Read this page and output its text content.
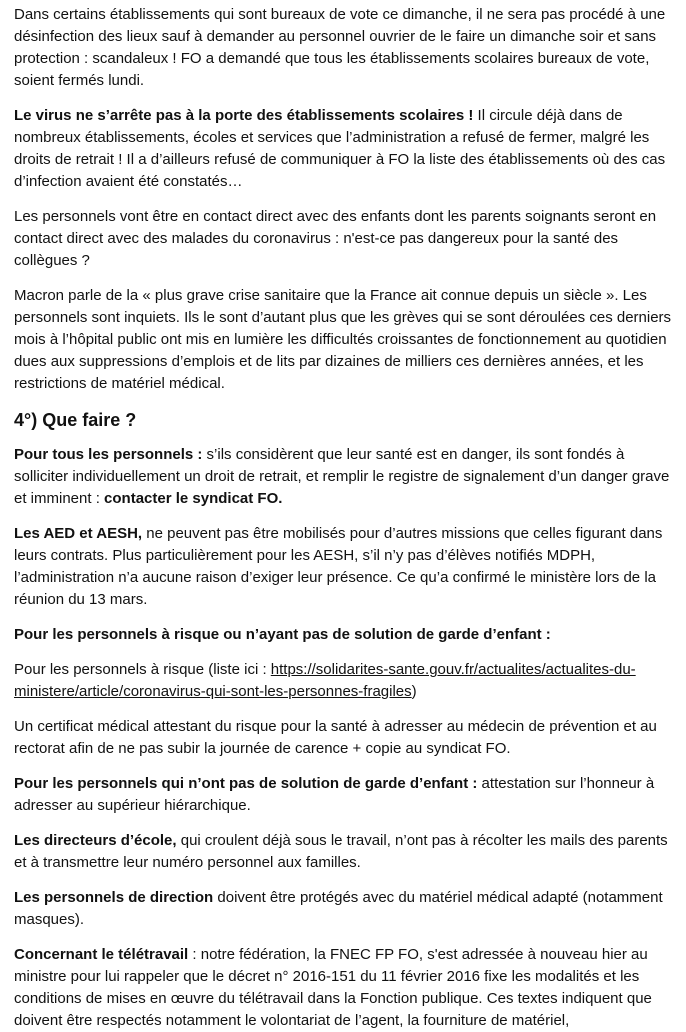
Dans certains établissements qui sont bureaux de vote ce dimanche, il ne sera pas procédé à une désinfection des lieux sauf à demander au personnel ouvrier de le faire un dimanche soir et sans protection : scandaleux ! FO a demandé que tous les établissements scolaires bureaux de vote, soient fermés lundi.

Le virus ne s’arrête pas à la porte des établissements scolaires ! Il circule déjà dans de nombreux établissements, écoles et services que l’administration a refusé de fermer, malgré les droits de retrait ! Il a d’ailleurs refusé de communiquer à FO la liste des établissements où des cas d’infection avaient été constatés…

Les personnels vont être en contact direct avec des enfants dont les parents soignants seront en contact direct avec des malades du coronavirus : n'est-ce pas dangereux pour la santé des collègues ?

Macron parle de la « plus grave crise sanitaire que la France ait connue depuis un siècle ». Les personnels sont inquiets. Ils le sont d’autant plus que les grèves qui se sont déroulées ces derniers mois à l’hôpital public ont mis en lumière les difficultés croissantes de fonctionnement au quotidien dues aux suppressions d’emplois et de lits par dizaines de milliers ces dernières années, et les restrictions de matériel médical.

4°) Que faire ?

Pour tous les personnels : s’ils considèrent que leur santé est en danger, ils sont fondés à solliciter individuellement un droit de retrait, et remplir le registre de signalement d’un danger grave et imminent : contacter le syndicat FO.

Les AED et AESH, ne peuvent pas être mobilisés pour d’autres missions que celles figurant dans leurs contrats. Plus particulièrement pour les AESH, s’il n’y pas d’élèves notifiés MDPH, l’administration n’a aucune raison d’exiger leur présence. Ce qu’a confirmé le ministère lors de la réunion du 13 mars.

Pour les personnels à risque ou n’ayant pas de solution de garde d’enfant :

Pour les personnels à risque (liste ici : https://solidarites-sante.gouv.fr/actualites/actualites-du-ministere/article/coronavirus-qui-sont-les-personnes-fragiles)

Un certificat médical attestant du risque pour la santé à adresser au médecin de prévention et au rectorat afin de ne pas subir la journée de carence + copie au syndicat FO.

Pour les personnels qui n’ont pas de solution de garde d’enfant : attestation sur l’honneur à adresser au supérieur hiérarchique.

Les directeurs d’école, qui croulent déjà sous le travail, n’ont pas à récolter les mails des parents et à transmettre leur numéro personnel aux familles.

Les personnels de direction doivent être protégés avec du matériel médical adapté (notamment masques).

Concernant le télétravail : notre fédération, la FNEC FP FO, s'est adressée à nouveau hier au ministre pour lui rappeler que le décret n° 2016-151 du 11 février 2016 fixe les modalités et les conditions de mises en œuvre du télétravail dans la Fonction publique. Ces textes indiquent que doivent être respectés notamment le volontariat de l’agent, la fourniture de matériel,
